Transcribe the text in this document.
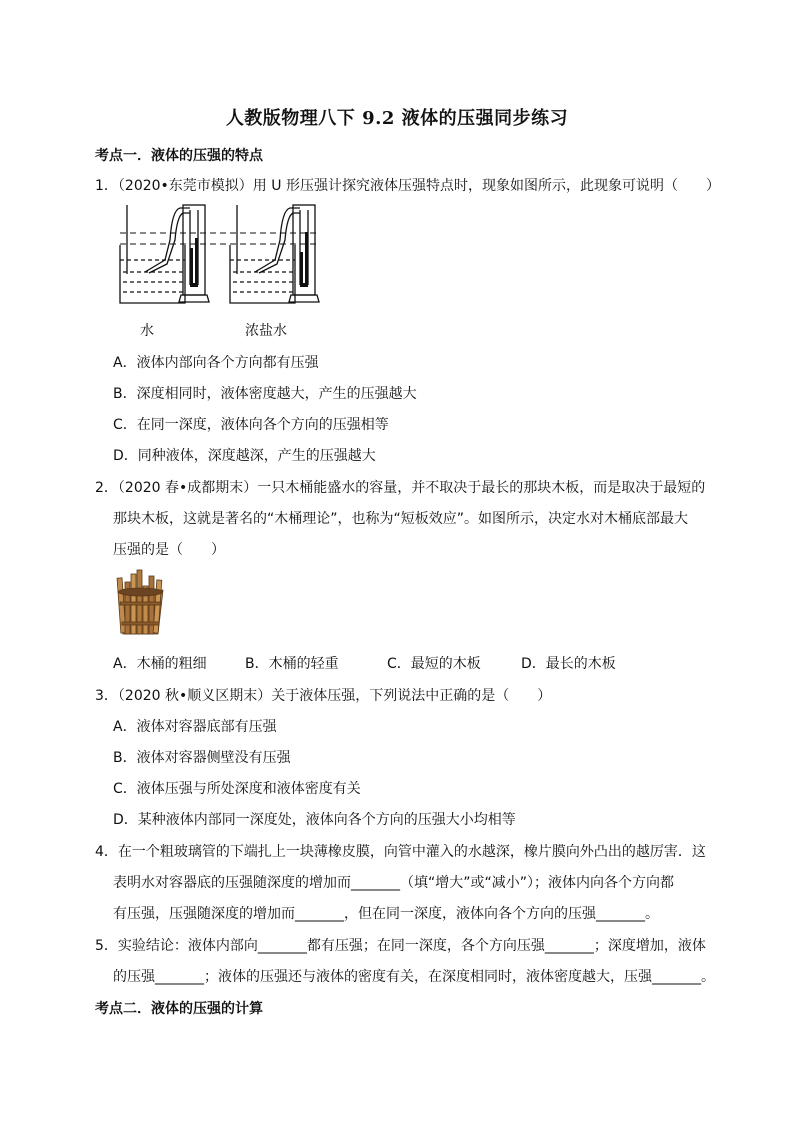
人教版物理八下 9.2 液体的压强同步练习
考点一．液体的压强的特点
1．（2020•东莞市模拟）用 U 形压强计探究液体压强特点时，现象如图所示，此现象可说明（　　）
水	浓盐水
A．液体内部向各个方向都有压强
B．深度相同时，液体密度越大，产生的压强越大
C．在同一深度，液体向各个方向的压强相等
D．同种液体，深度越深，产生的压强越大
2．（2020 春•成都期末）一只木桶能盛水的容量，并不取决于最长的那块木板，而是取决于最短的
那块木板，这就是著名的“木桶理论”，也称为“短板效应”。如图所示，决定水对木桶底部最大
压强的是（　　）
A．木桶的粗细	B．木桶的轻重	C．最短的木板	D．最长的木板
3．（2020 秋•顺义区期末）关于液体压强，下列说法中正确的是（　　）
A．液体对容器底部有压强
B．液体对容器侧壁没有压强
C．液体压强与所处深度和液体密度有关
D．某种液体内部同一深度处，液体向各个方向的压强大小均相等
4．在一个粗玻璃管的下端扎上一块薄橡皮膜，向管中灌入的水越深，橡片膜向外凸出的越厉害．这
表明水对容器底的压强随深度的增加而_______（填“增大”或“减小”）；液体内向各个方向都
有压强，压强随深度的增加而_______，但在同一深度，液体向各个方向的压强_______。
5．实验结论：液体内部向_______都有压强；在同一深度，各个方向压强_______；深度增加，液体
的压强_______；液体的压强还与液体的密度有关，在深度相同时，液体密度越大，压强_______。
考点二．液体的压强的计算
